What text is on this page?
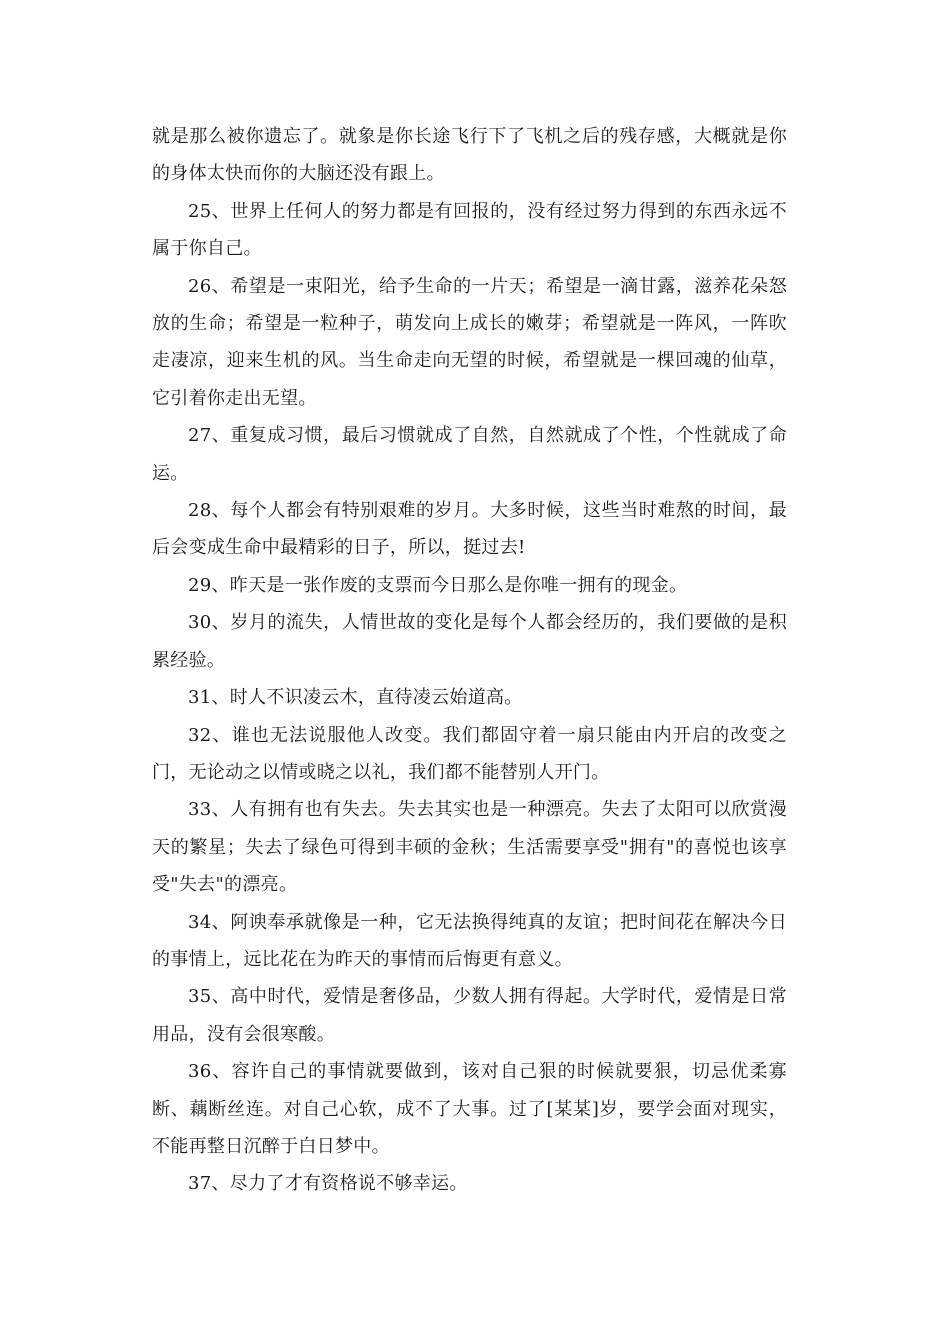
就是那么被你遗忘了。就象是你长途飞行下了飞机之后的残存感，大概就是你的身体太快而你的大脑还没有跟上。

25、世界上任何人的努力都是有回报的，没有经过努力得到的东西永远不属于你自己。

26、希望是一束阳光，给予生命的一片天；希望是一滴甘露，滋养花朵怒放的生命；希望是一粒种子，萌发向上成长的嫩芽；希望就是一阵风，一阵吹走凄凉，迎来生机的风。当生命走向无望的时候，希望就是一棵回魂的仙草，它引着你走出无望。

27、重复成习惯，最后习惯就成了自然，自然就成了个性，个性就成了命运。

28、每个人都会有特别艰难的岁月。大多时候，这些当时难熬的时间，最后会变成生命中最精彩的日子，所以，挺过去!

29、昨天是一张作废的支票而今日那么是你唯一拥有的现金。

30、岁月的流失，人情世故的变化是每个人都会经历的，我们要做的是积累经验。

31、时人不识凌云木，直待凌云始道高。

32、谁也无法说服他人改变。我们都固守着一扇只能由内开启的改变之门，无论动之以情或晓之以礼，我们都不能替别人开门。

33、人有拥有也有失去。失去其实也是一种漂亮。失去了太阳可以欣赏漫天的繁星；失去了绿色可得到丰硕的金秋；生活需要享受"拥有"的喜悦也该享受"失去"的漂亮。

34、阿谀奉承就像是一种，它无法换得纯真的友谊；把时间花在解决今日的事情上，远比花在为昨天的事情而后悔更有意义。

35、高中时代，爱情是奢侈品，少数人拥有得起。大学时代，爱情是日常用品，没有会很寒酸。

36、容许自己的事情就要做到，该对自己狠的时候就要狠，切忌优柔寡断、藕断丝连。对自己心软，成不了大事。过了[某某]岁，要学会面对现实，不能再整日沉醉于白日梦中。

37、尽力了才有资格说不够幸运。
